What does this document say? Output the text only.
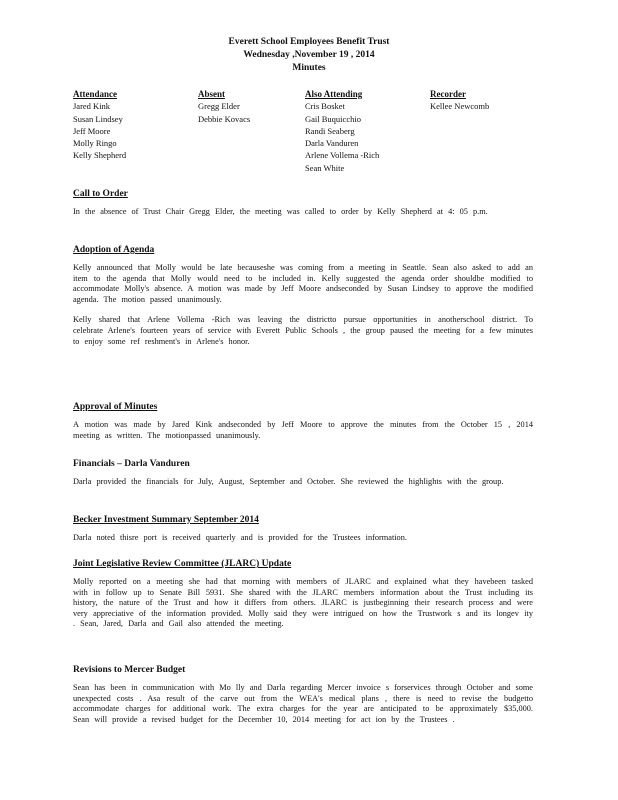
Everett School Employees Benefit Trust
Wednesday ,November 19 , 2014
Minutes
Attendance
Jared Kink
Susan Lindsey
Jeff Moore
Molly Ringo
Kelly Shepherd
Absent
Gregg Elder
Debbie Kovacs
Also Attending
Cris Bosket
Gail Buquicchio
Randi Seaberg
Darla Vanduren
Arlene Vollema -Rich
Sean White
Recorder
Kellee Newcomb
Call to Order

In the absence of Trust Chair Gregg Elder, the meeting was called to order by Kelly Shepherd at 4: 05 p.m.

Adoption of Agenda

Kelly announced that Molly would be late becauseshe was coming from a meeting in Seattle. Sean also asked to add an item to the agenda that Molly would need to be included in. Kelly suggested the agenda order shouldbe modified to accommodate Molly's absence. A motion was made by Jeff Moore andseconded by Susan Lindsey to approve the modified agenda. The motion passed unanimously.

Kelly shared that Arlene Vollema -Rich was leaving the districtto pursue opportunities in anotherschool district. To celebrate Arlene's fourteen years of service with Everett Public Schools , the group paused the meeting for a few minutes to enjoy some ref reshment's in Arlene's honor.

Approval of Minutes

A motion was made by Jared Kink andseconded by Jeff Moore to approve the minutes from the October 15 , 2014 meeting as written. The motionpassed unanimously.

Financials – Darla Vanduren

Darla provided the financials for July, August, September and October. She reviewed the highlights with the group.

Becker Investment Summary September 2014

Darla noted thisre port is received quarterly and is provided for the Trustees information.

Joint Legislative Review Committee (JLARC) Update

Molly reported on a meeting she had that morning with members of JLARC and explained what they havebeen tasked with in follow up to Senate Bill 5931. She shared with the JLARC members information about the Trust including its history, the nature of the Trust and how it differs from others. JLARC is justbeginning their research process and were very appreciative of the information provided. Molly said they were intrigued on how the Trustwork s and its longev ity . Sean, Jared, Darla and Gail also attended the meeting.

Revisions to Mercer Budget

Sean has been in communication with Mo lly and Darla regarding Mercer invoice s forservices through October and some unexpected costs . Asa result of the carve out from the WEA's medical plans , there is need to revise the budgetto accommodate charges for additional work. The extra charges for the year are anticipated to be approximately $35,000. Sean will provide a revised budget for the December 10, 2014 meeting for act ion by the Trustees .
